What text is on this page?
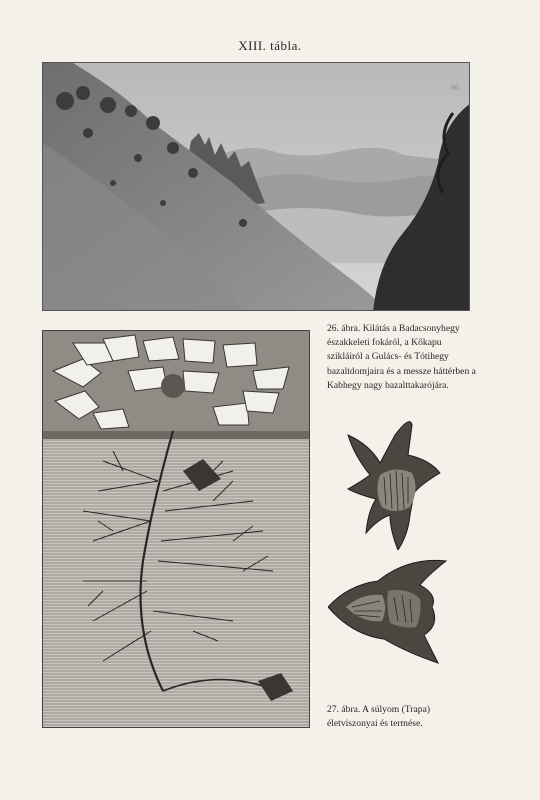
XIII. tábla.
86
26. ábra. Kilátás a Badacsonyhegy északkeleti fokáról, a Kőkapu szikláiról a Gulács- és Tótihegy bazaltdomjaira és a messze háttérben a Kabhegy nagy bazalttakarójára.
27. ábra. A súlyom (Trapa) életviszonyai és termése.
